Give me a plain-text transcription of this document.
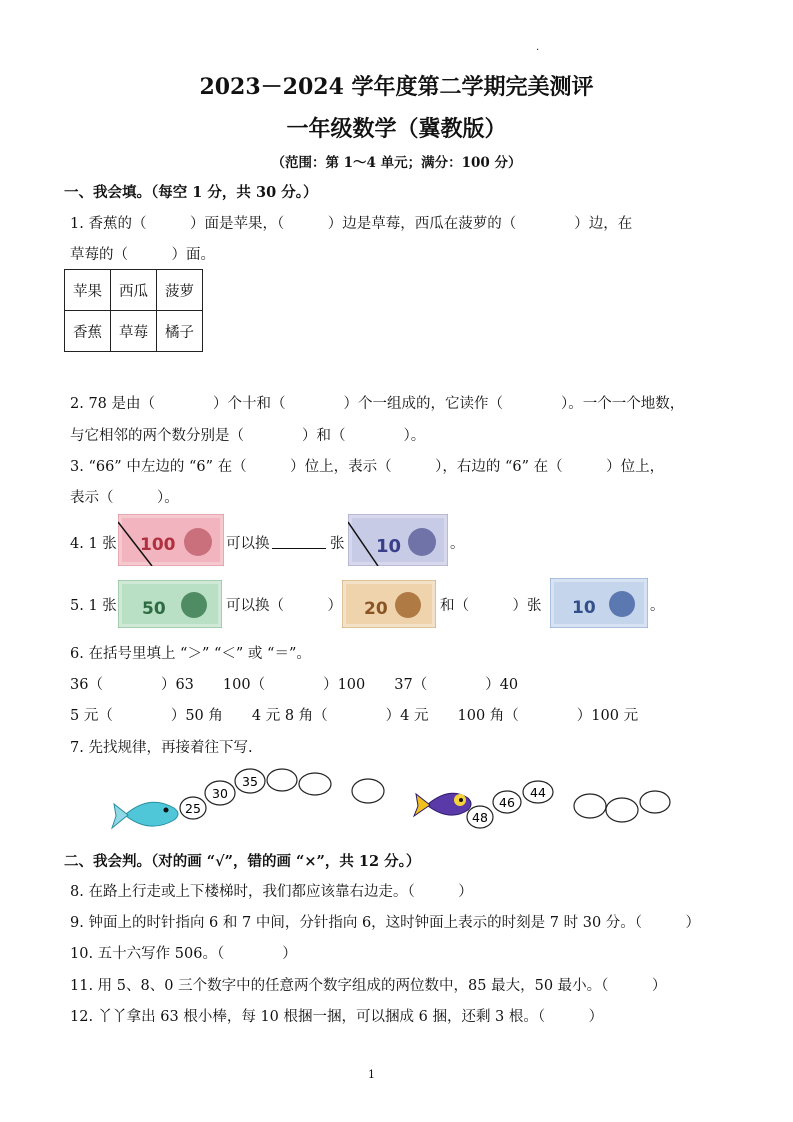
.
2023－2024 学年度第二学期完美测评
一年级数学（冀教版）
（范围：第 1～4 单元；满分：100 分）
一、我会填。（每空 1 分，共 30 分。）
1. 香蕉的（　　　）面是苹果，（　　　）边是草莓，西瓜在菠萝的（　　　　）边，在
草莓的（　　　）面。
苹果	西瓜	菠萝
香蕉	草莓	橘子
2. 78 是由（　　　　）个十和（　　　　）个一组成的，它读作（　　　　）。一个一个地数，
与它相邻的两个数分别是（　　　　）和（　　　　）。
3. “66” 中左边的 “6” 在（　　　）位上，表示（　　　），右边的 “6” 在（　　　）位上，
表示（　　　）。
4. 1 张 100	可以换	张 10	。
5. 1 张 50	可以换（　　　） 20	和（　　　）张 10	。
6. 在括号里填上 “＞” “＜” 或 “＝”。
36（　　　　）63　　100（　　　　）100　　37（　　　　）40
5 元（　　　　）50 角　　4 元 8 角（　　　　）4 元　　100 角（　　　　）100 元
7. 先找规律，再接着往下写.
25
30
35
48
46
44
二、我会判。（对的画 “√”，错的画 “×”，共 12 分。）
8. 在路上行走或上下楼梯时，我们都应该靠右边走。（　　　）
9. 钟面上的时针指向 6 和 7 中间，分针指向 6，这时钟面上表示的时刻是 7 时 30 分。（　　　）
10. 五十六写作 506。（　　　　）
11. 用 5、8、0 三个数字中的任意两个数字组成的两位数中，85 最大，50 最小。（　　　）
12. 丫丫拿出 63 根小棒，每 10 根捆一捆，可以捆成 6 捆，还剩 3 根。（　　　）
1
